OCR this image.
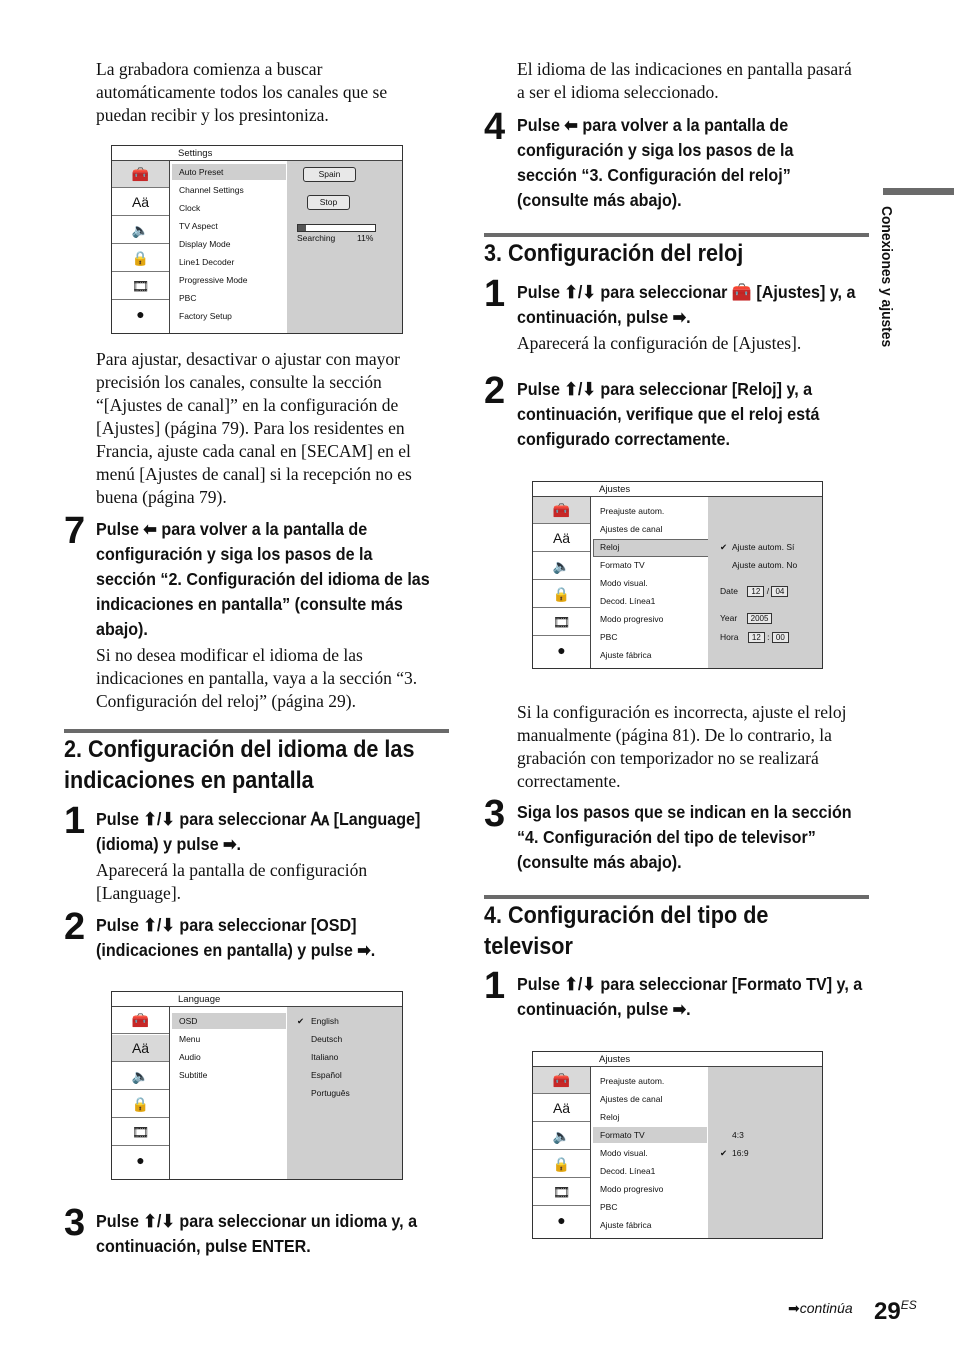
Conexiones y ajustes
La grabadora comienza a buscar automáticamente todos los canales que se puedan recibir y los presintoniza.
Settings
🧰
Aä
🔈
🔒
🎞
●
Auto Preset
Channel Settings
Clock
TV Aspect
Display Mode
Line1 Decoder
Progressive Mode
PBC
Factory Setup
Spain
Stop
Searching	11%
Para ajustar, desactivar o ajustar con mayor precisión los canales, consulte la sección “[Ajustes de canal]” en la configuración de [Ajustes] (página 79). Para los residentes en Francia, ajuste cada canal en [SECAM] en el menú [Ajustes de canal] si la recepción no es buena (página 79).
7 Pulse ⬅ para volver a la pantalla de configuración y siga los pasos de la sección “2. Configuración del idioma de las indicaciones en pantalla” (consulte más abajo).
Si no desea modificar el idioma de las indicaciones en pantalla, vaya a la sección “3. Configuración del reloj” (página 29).
2. Configuración del idioma de las indicaciones en pantalla
1 Pulse ⬆/⬇ para seleccionar 🗛 [Language] (idioma) y pulse ➡.
Aparecerá la pantalla de configuración [Language].
2 Pulse ⬆/⬇ para seleccionar [OSD] (indicaciones en pantalla) y pulse ➡.
Language
🧰
Aä
🔈
🔒
🎞
●
OSD
Menu
Audio
Subtitle
✔ English
Deutsch
Italiano
Español
Português
3 Pulse ⬆/⬇ para seleccionar un idioma y, a continuación, pulse ENTER.
El idioma de las indicaciones en pantalla pasará a ser el idioma seleccionado.
4 Pulse ⬅ para volver a la pantalla de configuración y siga los pasos de la sección “3. Configuración del reloj” (consulte más abajo).
3. Configuración del reloj
1 Pulse ⬆/⬇ para seleccionar 🧰 [Ajustes] y, a continuación, pulse ➡.
Aparecerá la configuración de [Ajustes].
2 Pulse ⬆/⬇ para seleccionar [Reloj] y, a continuación, verifique que el reloj está configurado correctamente.
Ajustes
🧰
Aä
🔈
🔒
🎞
●
Preajuste autom.
Ajustes de canal
Reloj
Formato TV
Modo visual.
Decod. Línea1
Modo progresivo
PBC
Ajuste fábrica
✔ Ajuste autom. Sí
Ajuste autom. No
Date 12 / 04
Year 2005
Hora 12 : 00
Si la configuración es incorrecta, ajuste el reloj manualmente (página 81). De lo contrario, la grabación con temporizador no se realizará correctamente.
3 Siga los pasos que se indican en la sección “4. Configuración del tipo de televisor” (consulte más abajo).
4. Configuración del tipo de televisor
1 Pulse ⬆/⬇ para seleccionar [Formato TV] y, a continuación, pulse ➡.
Ajustes
🧰
Aä
🔈
🔒
🎞
●
Preajuste autom.
Ajustes de canal
Reloj
Formato TV
Modo visual.
Decod. Línea1
Modo progresivo
PBC
Ajuste fábrica
4:3
✔ 16:9
➡continúa $29^{ES}$
